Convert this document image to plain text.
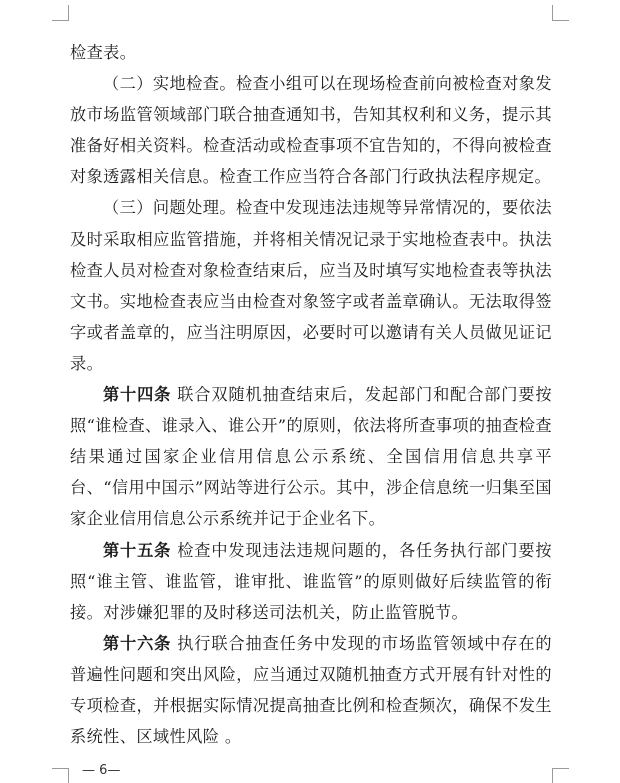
检查表。

（二）实地检查。检查小组可以在现场检查前向被检查对象发放市场监管领域部门联合抽查通知书，告知其权利和义务，提示其准备好相关资料。检查活动或检查事项不宜告知的，不得向被检查对象透露相关信息。检查工作应当符合各部门行政执法程序规定。

（三）问题处理。检查中发现违法违规等异常情况的，要依法及时采取相应监管措施，并将相关情况记录于实地检查表中。执法检查人员对检查对象检查结束后，应当及时填写实地检查表等执法文书。实地检查表应当由检查对象签字或者盖章确认。无法取得签字或者盖章的，应当注明原因，必要时可以邀请有关人员做见证记录。

第十四条 联合双随机抽查结束后，发起部门和配合部门要按照“谁检查、谁录入、谁公开”的原则，依法将所查事项的抽查检查结果通过国家企业信用信息公示系统、全国信用信息共享平台、“信用中国示”网站等进行公示。其中，涉企信息统一归集至国家企业信用信息公示系统并记于企业名下。

第十五条 检查中发现违法违规问题的，各任务执行部门要按照“谁主管、谁监管，谁审批、谁监管”的原则做好后续监管的衔接。对涉嫌犯罪的及时移送司法机关，防止监管脱节。

第十六条 执行联合抽查任务中发现的市场监管领域中存在的普遍性问题和突出风险，应当通过双随机抽查方式开展有针对性的专项检查，并根据实际情况提高抽查比例和检查频次，确保不发生系统性、区域性风险 。

— 6—
